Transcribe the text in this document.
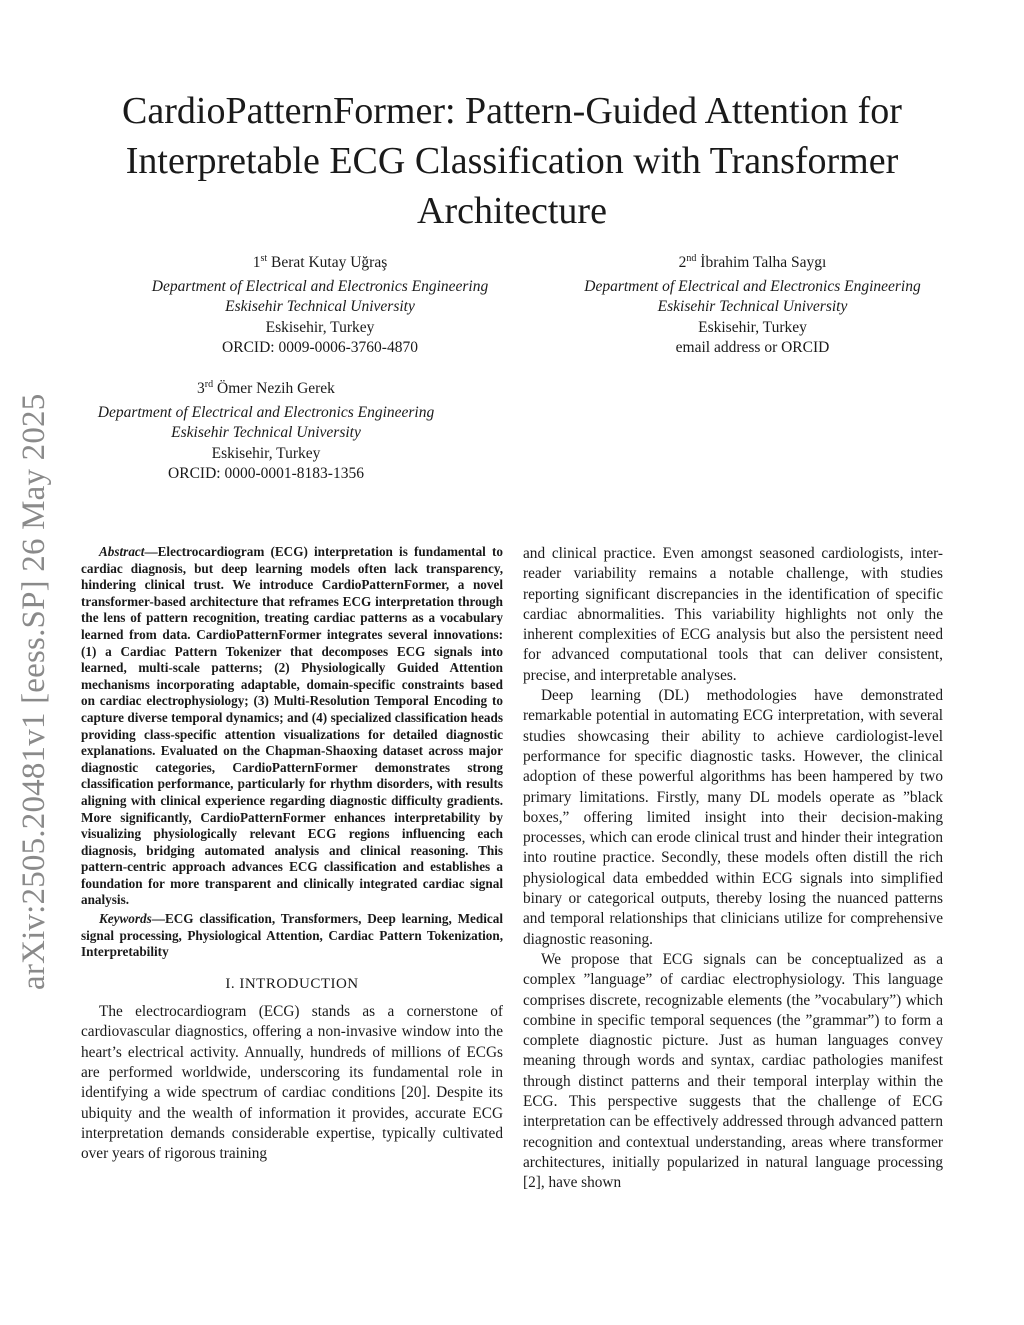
arXiv:2505.20481v1 [eess.SP] 26 May 2025
CardioPatternFormer: Pattern-Guided Attention for Interpretable ECG Classification with Transformer Architecture
1st Berat Kutay Uğraş
Department of Electrical and Electronics Engineering
Eskisehir Technical University
Eskisehir, Turkey
ORCID: 0009-0006-3760-4870
2nd İbrahim Talha Saygı
Department of Electrical and Electronics Engineering
Eskisehir Technical University
Eskisehir, Turkey
email address or ORCID
3rd Ömer Nezih Gerek
Department of Electrical and Electronics Engineering
Eskisehir Technical University
Eskisehir, Turkey
ORCID: 0000-0001-8183-1356

Abstract—Electrocardiogram (ECG) interpretation is fundamental to cardiac diagnosis, but deep learning models often lack transparency, hindering clinical trust. We introduce CardioPatternFormer, a novel transformer-based architecture that reframes ECG interpretation through the lens of pattern recognition, treating cardiac patterns as a vocabulary learned from data. CardioPatternFormer integrates several innovations: (1) a Cardiac Pattern Tokenizer that decomposes ECG signals into learned, multi-scale patterns; (2) Physiologically Guided Attention mechanisms incorporating adaptable, domain-specific constraints based on cardiac electrophysiology; (3) Multi-Resolution Temporal Encoding to capture diverse temporal dynamics; and (4) specialized classification heads providing class-specific attention visualizations for detailed diagnostic explanations. Evaluated on the Chapman-Shaoxing dataset across major diagnostic categories, CardioPatternFormer demonstrates strong classification performance, particularly for rhythm disorders, with results aligning with clinical experience regarding diagnostic difficulty gradients. More significantly, CardioPatternFormer enhances interpretability by visualizing physiologically relevant ECG regions influencing each diagnosis, bridging automated analysis and clinical reasoning. This pattern-centric approach advances ECG classification and establishes a foundation for more transparent and clinically integrated cardiac signal analysis.

Keywords—ECG classification, Transformers, Deep learning, Medical signal processing, Physiological Attention, Cardiac Pattern Tokenization, Interpretability

I. INTRODUCTION

The electrocardiogram (ECG) stands as a cornerstone of cardiovascular diagnostics, offering a non-invasive window into the heart’s electrical activity. Annually, hundreds of millions of ECGs are performed worldwide, underscoring its fundamental role in identifying a wide spectrum of cardiac conditions [20]. Despite its ubiquity and the wealth of information it provides, accurate ECG interpretation demands considerable expertise, typically cultivated over years of rigorous training

and clinical practice. Even amongst seasoned cardiologists, inter-reader variability remains a notable challenge, with studies reporting significant discrepancies in the identification of specific cardiac abnormalities. This variability highlights not only the inherent complexities of ECG analysis but also the persistent need for advanced computational tools that can deliver consistent, precise, and interpretable analyses.

Deep learning (DL) methodologies have demonstrated remarkable potential in automating ECG interpretation, with several studies showcasing their ability to achieve cardiologist-level performance for specific diagnostic tasks. However, the clinical adoption of these powerful algorithms has been hampered by two primary limitations. Firstly, many DL models operate as ”black boxes,” offering limited insight into their decision-making processes, which can erode clinical trust and hinder their integration into routine practice. Secondly, these models often distill the rich physiological data embedded within ECG signals into simplified binary or categorical outputs, thereby losing the nuanced patterns and temporal relationships that clinicians utilize for comprehensive diagnostic reasoning.

We propose that ECG signals can be conceptualized as a complex ”language” of cardiac electrophysiology. This language comprises discrete, recognizable elements (the ”vocabulary”) which combine in specific temporal sequences (the ”grammar”) to form a complete diagnostic picture. Just as human languages convey meaning through words and syntax, cardiac pathologies manifest through distinct patterns and their temporal interplay within the ECG. This perspective suggests that the challenge of ECG interpretation can be effectively addressed through advanced pattern recognition and contextual understanding, areas where transformer architectures, initially popularized in natural language processing [2], have shown
